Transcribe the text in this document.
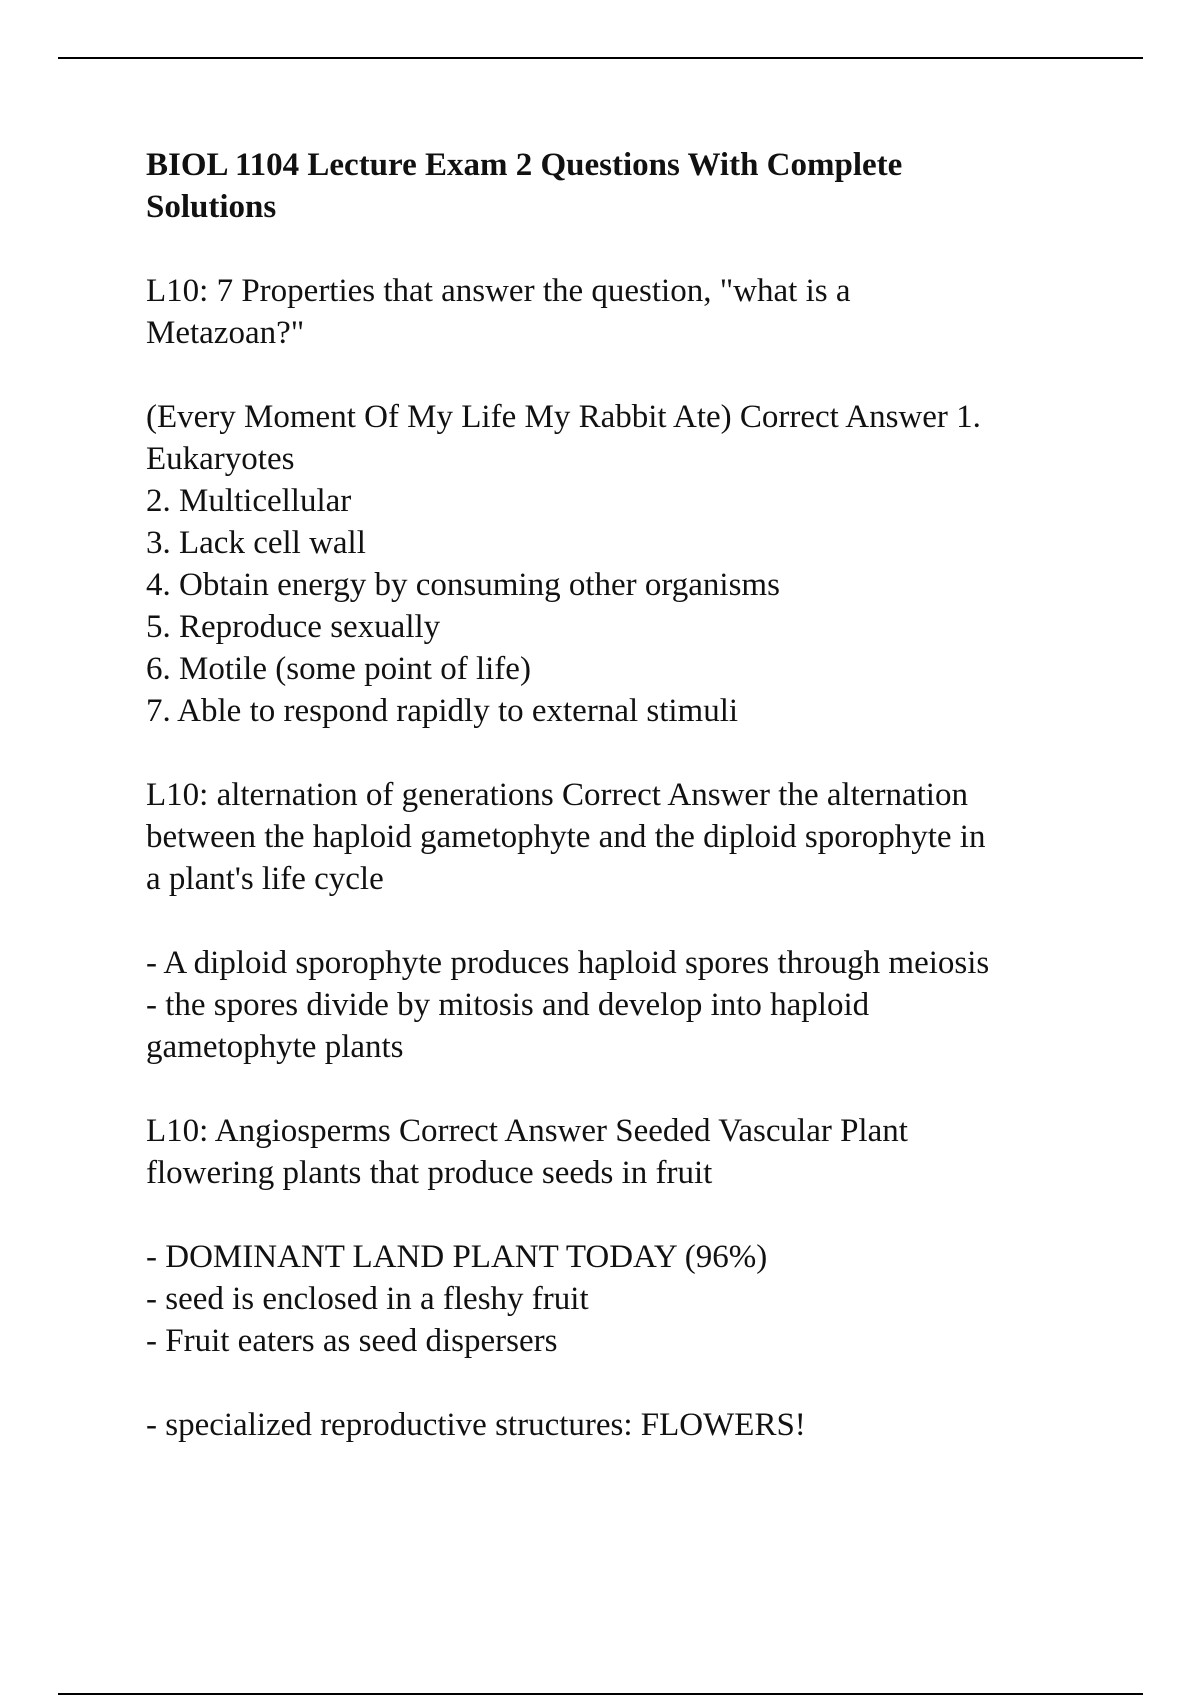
BIOL 1104 Lecture Exam 2 Questions With Complete
Solutions
L10: 7 Properties that answer the question, "what is a
Metazoan?"
(Every Moment Of My Life My Rabbit Ate) Correct Answer 1.
Eukaryotes
2. Multicellular
3. Lack cell wall
4. Obtain energy by consuming other organisms
5. Reproduce sexually
6. Motile (some point of life)
7. Able to respond rapidly to external stimuli
L10: alternation of generations Correct Answer the alternation
between the haploid gametophyte and the diploid sporophyte in
a plant's life cycle
- A diploid sporophyte produces haploid spores through meiosis
- the spores divide by mitosis and develop into haploid
gametophyte plants
L10: Angiosperms Correct Answer Seeded Vascular Plant
flowering plants that produce seeds in fruit
- DOMINANT LAND PLANT TODAY (96%)
- seed is enclosed in a fleshy fruit
- Fruit eaters as seed dispersers
- specialized reproductive structures: FLOWERS!
